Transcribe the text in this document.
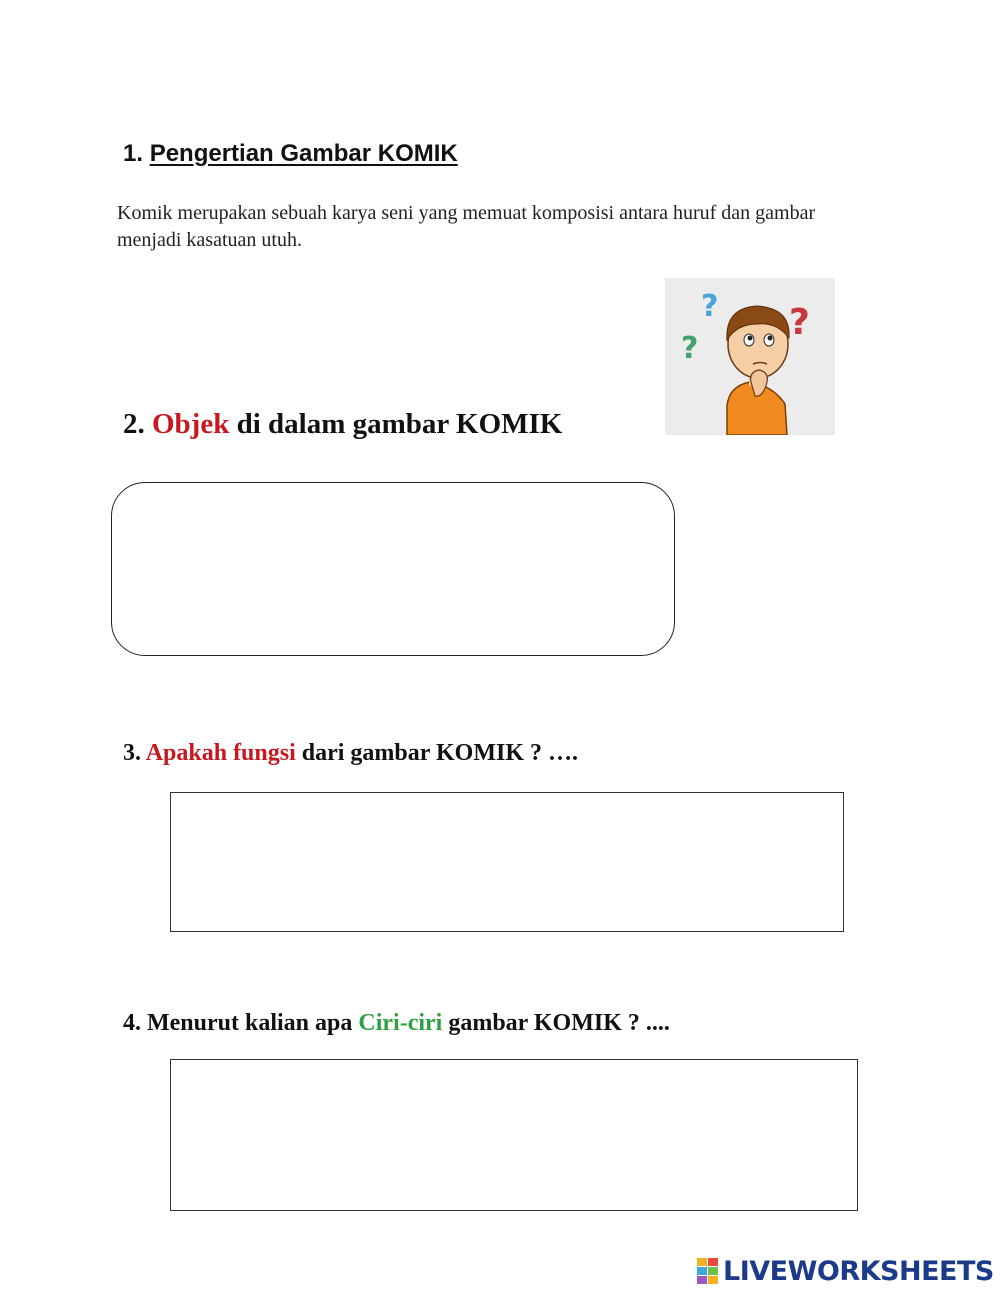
1. Pengertian Gambar KOMIK
Komik merupakan sebuah karya seni yang memuat komposisi antara huruf dan gambar menjadi kasatuan utuh.
?
?
?
2. Objek di dalam gambar KOMIK
3. Apakah fungsi dari gambar KOMIK ? ….
4. Menurut kalian apa Ciri-ciri gambar KOMIK ? ....
LIVEWORKSHEETS
